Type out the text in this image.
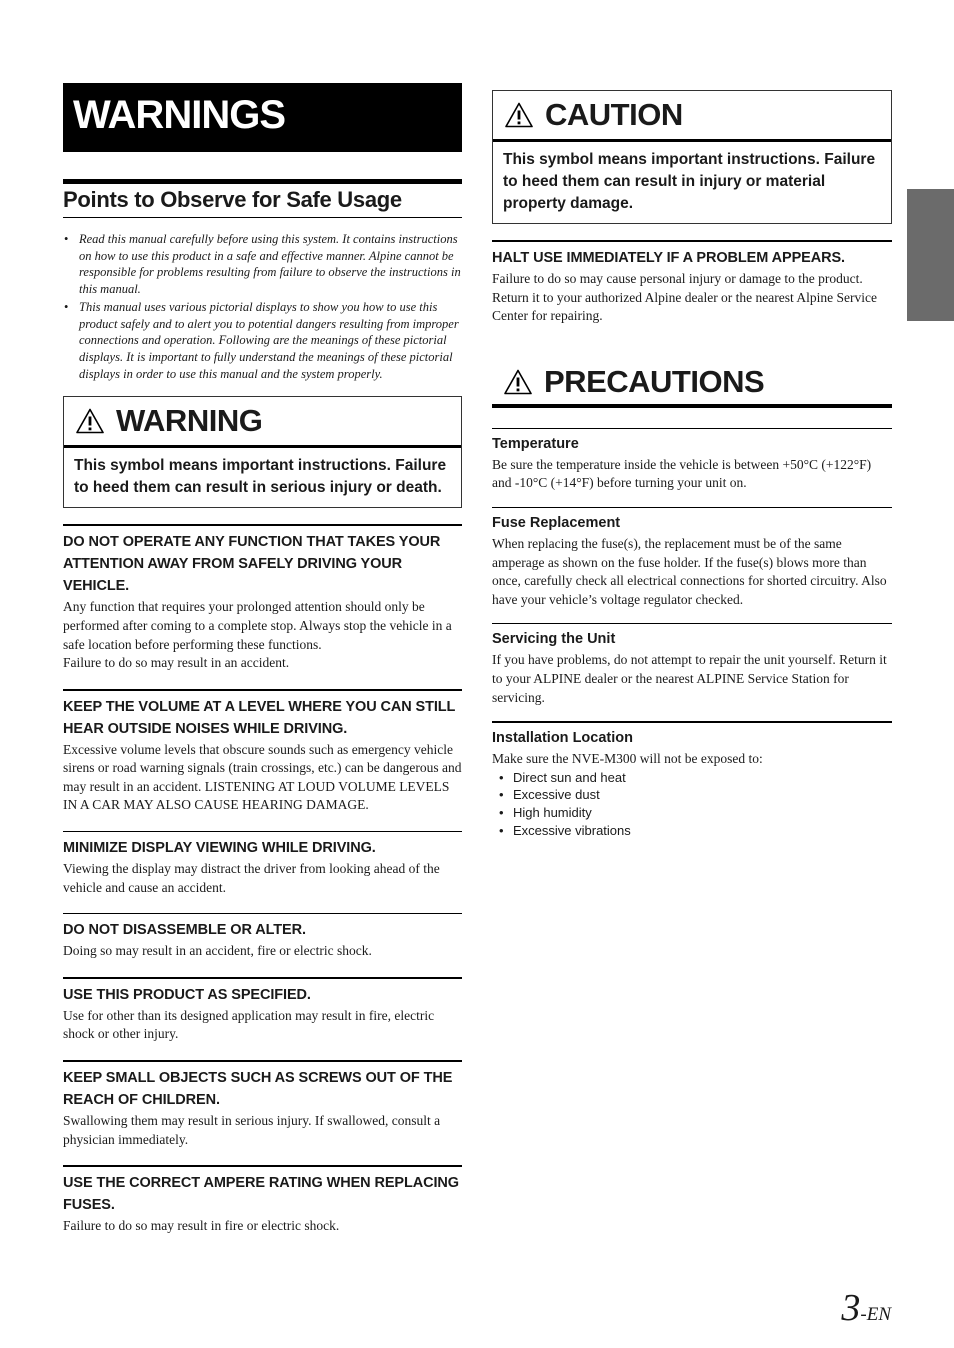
WARNINGS
Points to Observe for Safe Usage
• Read this manual carefully before using this system. It contains instructions on how to use this product in a safe and effective manner. Alpine cannot be responsible for problems resulting from failure to observe the instructions in this manual.
• This manual uses various pictorial displays to show you how to use this product safely and to alert you to potential dangers resulting from improper connections and operation. Following are the meanings of these pictorial displays. It is important to fully understand the meanings of these pictorial displays in order to use this manual and the system properly.
WARNING
This symbol means important instructions. Failure to heed them can result in serious injury or death.
DO NOT OPERATE ANY FUNCTION THAT TAKES YOUR ATTENTION AWAY FROM SAFELY DRIVING YOUR VEHICLE.

Any function that requires your prolonged attention should only be performed after coming to a complete stop. Always stop the vehicle in a safe location before performing these functions.

Failure to do so may result in an accident.

KEEP THE VOLUME AT A LEVEL WHERE YOU CAN STILL HEAR OUTSIDE NOISES WHILE DRIVING.

Excessive volume levels that obscure sounds such as emergency vehicle sirens or road warning signals (train crossings, etc.) can be dangerous and may result in an accident. LISTENING AT LOUD VOLUME LEVELS IN A CAR MAY ALSO CAUSE HEARING DAMAGE.

MINIMIZE DISPLAY VIEWING WHILE DRIVING.

Viewing the display may distract the driver from looking ahead of the vehicle and cause an accident.

DO NOT DISASSEMBLE OR ALTER.

Doing so may result in an accident, fire or electric shock.

USE THIS PRODUCT AS SPECIFIED.

Use for other than its designed application may result in fire, electric shock or other injury.

KEEP SMALL OBJECTS SUCH AS SCREWS OUT OF THE REACH OF CHILDREN.

Swallowing them may result in serious injury. If swallowed, consult a physician immediately.

USE THE CORRECT AMPERE RATING WHEN REPLACING FUSES.

Failure to do so may result in fire or electric shock.

CAUTION
This symbol means important instructions. Failure to heed them can result in injury or material property damage.
HALT USE IMMEDIATELY IF A PROBLEM APPEARS.

Failure to do so may cause personal injury or damage to the product. Return it to your authorized Alpine dealer or the nearest Alpine Service Center for repairing.

PRECAUTIONS
Temperature

Be sure the temperature inside the vehicle is between +50°C (+122°F) and -10°C (+14°F) before turning your unit on.

Fuse Replacement

When replacing the fuse(s), the replacement must be of the same amperage as shown on the fuse holder. If the fuse(s) blows more than once, carefully check all electrical connections for shorted circuitry. Also have your vehicle’s voltage regulator checked.

Servicing the Unit

If you have problems, do not attempt to repair the unit yourself. Return it to your ALPINE dealer or the nearest ALPINE Service Station for servicing.

Installation Location

Make sure the NVE-M300 will not be exposed to:

• Direct sun and heat
• Excessive dust
• High humidity
• Excessive vibrations
3-EN
